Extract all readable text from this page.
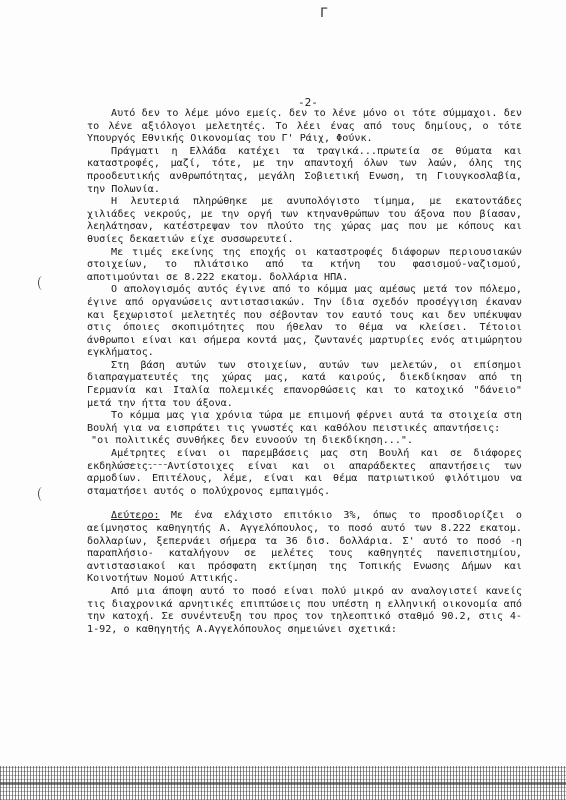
Γ
-2-

Αυτό δεν το λέμε μόνο εμείς. δεν το λένε μόνο οι τότε σύμμαχοι. δεν το λένε αξιόλογοι μελετητές. Το λέει ένας από τους δημίους, ο τότε Υπουργός Εθνικής Οικονομίας του Γ' Ράιχ, Φούνκ.

Πράγματι η Ελλάδα κατέχει τα τραγικά...πρωτεία σε θύματα και καταστροφές, μαζί, τότε, με την απαντοχή όλων των λαών, όλης της προοδευτικής ανθρωπότητας, μεγάλη Σοβιετική Ενωση, τη Γιουγκοσλαβία, την Πολωνία.

Η λευτεριά πληρώθηκε με ανυπολόγιστο τίμημα, με εκατοντάδες χιλιάδες νεκρούς, με την οργή των κτηνανθρώπων του άξονα που βίασαν, λεηλάτησαν, κατέστρεψαν τον πλούτο της χώρας μας που με κόπους και θυσίες δεκαετιών είχε συσσωρευτεί.

Με τιμές εκείνης της εποχής οι καταστροφές διάφορων περιουσιακών στοιχείων, το πλιάτσικο από τα κτήνη του φασισμού-ναζισμού, αποτιμούνται σε 8.222 εκατομ. δολλάρια ΗΠΑ.

Ο απολογισμός αυτός έγινε από το κόμμα μας αμέσως μετά τον πόλεμο, έγινε από οργανώσεις αντιστασιακών. Την ίδια σχεδόν προσέγγιση έκαναν και ξεχωριστοί μελετητές που σέβονταν τον εαυτό τους και δεν υπέκυψαν στις όποιες σκοπιμότητες που ήθελαν το θέμα να κλείσει. Τέτοιοι άνθρωποι είναι και σήμερα κοντά μας, ζωντανές μαρτυρίες ενός ατιμώρητου εγκλήματος.

Στη βάση αυτών των στοιχείων, αυτών των μελετών, οι επίσημοι διαπραγματευτές της χώρας μας, κατά καιρούς, διεκδίκησαν από τη Γερμανία και Ιταλία πολεμικές επανορθώσεις και το κατοχικό "δάνειο" μετά την ήττα του άξονα.

Το κόμμα μας για χρόνια τώρα με επιμονή φέρνει αυτά τα στοιχεία στη Βουλή για να εισπράτει τις γνωστές και καθόλου πειστικές απαντήσεις:

"οι πολιτικές συνθήκες δεν ευνοούν τη διεκδίκηση...".

Αμέτρητες είναι οι παρεμβάσεις μας στη Βουλή και σε διάφορες εκδηλώσεις. Αντίστοιχες είναι και οι απαράδεκτες απαντήσεις των αρμοδίων. Επιτέλους, λέμε, είναι και θέμα πατριωτικού φιλότιμου να σταματήσει αυτός ο πολύχρονος εμπαιγμός.

Δεύτερο: Με ένα ελάχιστο επιτόκιο 3%, όπως το προσδιορίζει ο αείμνηστος καθηγητής Α. Αγγελόπουλος, το ποσό αυτό των 8.222 εκατομ. δολλαρίων, ξεπερνάει σήμερα τα 36 δισ. δολλάρια. Σ' αυτό το ποσό -η παραπλήσιο- καταλήγουν σε μελέτες τους καθηγητές πανεπιστημίου, αντιστασιακοί και πρόσφατη εκτίμηση της Τοπικής Ενωσης Δήμων και Κοινοτήτων Νομού Αττικής.

Από μια άποψη αυτό το ποσό είναι πολύ μικρό αν αναλογιστεί κανείς τις διαχρονικά αρνητικές επιπτώσεις που υπέστη η ελληνική οικονομία από την κατοχή. Σε συνέντευξη του προς τον τηλεοπτικό σταθμό 90.2, στις 4-1-92, ο καθηγητής Α.Αγγελόπουλος σημειώνει σχετικά:
